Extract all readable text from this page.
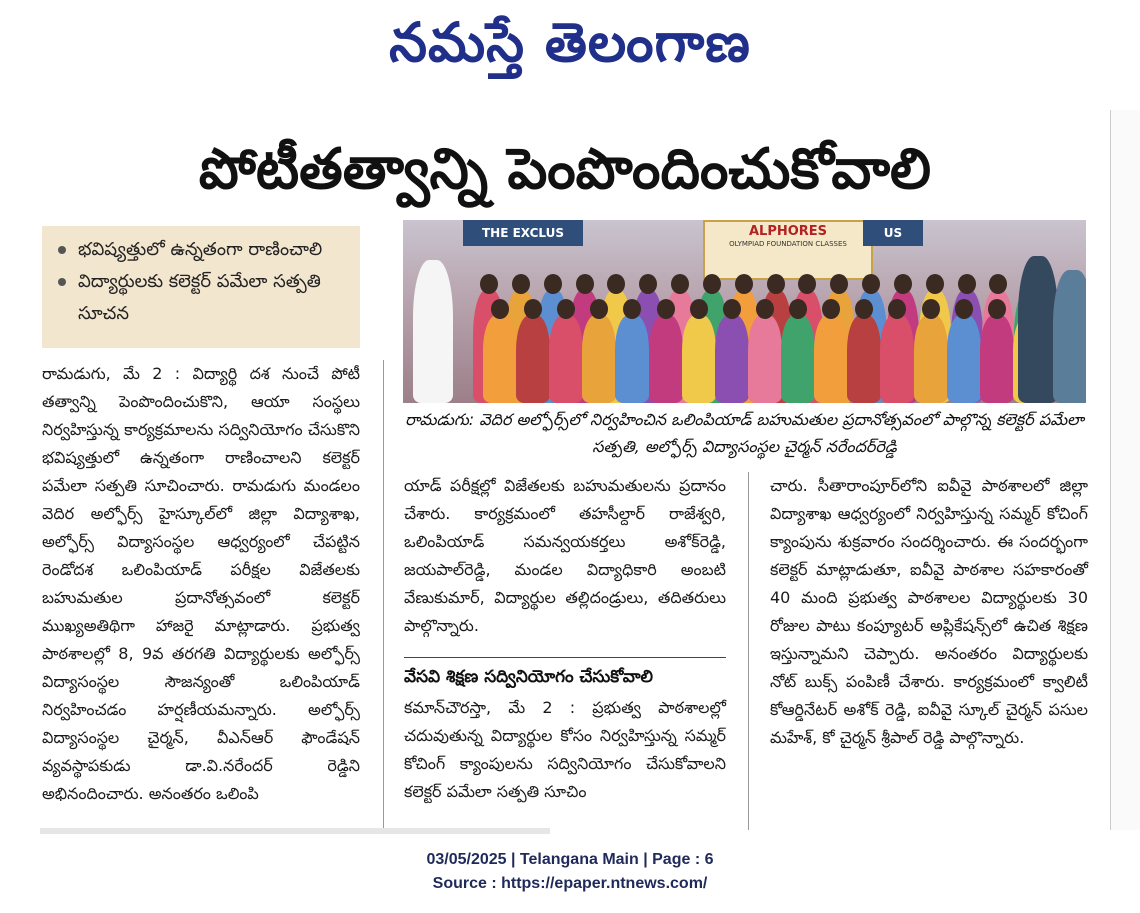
నమస్తే తెలంగాణ
పోటీతత్వాన్ని పెంపొందించుకోవాలి
భవిష్యత్తులో ఉన్నతంగా రాణించాలి
విద్యార్థులకు కలెక్టర్ పమేలా సత్పతి సూచన
THE EXCLUS	ALPHORES
OLYMPIAD FOUNDATION CLASSES
US
రామడుగు: వెదిర అల్ఫోర్స్‌లో నిర్వహించిన ఒలింపియాడ్ బహుమతుల ప్రదానోత్సవంలో పాల్గొన్న కలెక్టర్ పమేలా సత్పతి, అల్ఫోర్స్ విద్యాసంస్థల చైర్మన్ నరేందర్‌రెడ్డి

రామడుగు, మే 2 : విద్యార్థి దశ నుంచే పోటీ తత్వాన్ని పెంపొందించుకొని, ఆయా సంస్థలు నిర్వహిస్తున్న కార్యక్రమాలను సద్వినియోగం చేసుకొని భవిష్యత్తులో ఉన్నతంగా రాణించాలని కలెక్టర్ పమేలా సత్పతి సూచించారు. రామడుగు మండలం వెదిర అల్ఫోర్స్ హైస్కూల్‌లో జిల్లా విద్యాశాఖ, అల్ఫోర్స్ విద్యాసంస్థల ఆధ్వర్యంలో చేపట్టిన రెండోదశ ఒలింపియాడ్ పరీక్షల విజేతలకు బహుమతుల ప్రదానోత్సవంలో కలెక్టర్ ముఖ్యఅతిథిగా హాజరై మాట్లాడారు. ప్రభుత్వ పాఠశాలల్లో 8, 9వ తరగతి విద్యార్థులకు అల్ఫోర్స్ విద్యాసంస్థల సౌజన్యంతో ఒలింపియాడ్ నిర్వహించడం హర్షణీయమన్నారు. అల్ఫోర్స్ విద్యాసంస్థల చైర్మన్, వీఎన్ఆర్ ఫౌండేషన్ వ్యవస్థాపకుడు డా.వి.నరేందర్ రెడ్డిని అభినందించారు. అనంతరం ఒలింపి

యాడ్ పరీక్షల్లో విజేతలకు బహుమతులను ప్రదానం చేశారు. కార్యక్రమంలో తహసీల్దార్ రాజేశ్వరి, ఒలింపియాడ్ సమన్వయకర్తలు అశోక్‌రెడ్డి, జయపాల్‌రెడ్డి, మండల విద్యాధికారి అంబటి వేణుకుమార్, విద్యార్థుల తల్లిదండ్రులు, తదితరులు పాల్గొన్నారు.

వేసవి శిక్షణ సద్వినియోగం చేసుకోవాలి

కమాన్‌చౌరస్తా, మే 2 : ప్రభుత్వ పాఠశాలల్లో చదువుతున్న విద్యార్థుల కోసం నిర్వహిస్తున్న సమ్మర్ కోచింగ్ క్యాంపులను సద్వినియోగం చేసుకోవాలని కలెక్టర్ పమేలా సత్పతి సూచిం

చారు. సీతారాంపూర్‌లోని ఐవీవై పాఠశాలలో జిల్లా విద్యాశాఖ ఆధ్వర్యంలో నిర్వహిస్తున్న సమ్మర్ కోచింగ్ క్యాంపును శుక్రవారం సందర్శించారు. ఈ సందర్భంగా కలెక్టర్ మాట్లాడుతూ, ఐవీవై పాఠశాల సహకారంతో 40 మంది ప్రభుత్వ పాఠశాలల విద్యార్థులకు 30 రోజుల పాటు కంప్యూటర్ అప్లికేషన్స్‌లో ఉచిత శిక్షణ ఇస్తున్నామని చెప్పారు. అనంతరం విద్యార్థులకు నోట్ బుక్స్ పంపిణీ చేశారు. కార్యక్రమంలో క్వాలిటీ కోఆర్డినేటర్ అశోక్ రెడ్డి, ఐవీవై స్కూల్ చైర్మన్ పసుల మహేశ్, కో చైర్మన్ శ్రీపాల్ రెడ్డి పాల్గొన్నారు.

03/05/2025 | Telangana Main | Page : 6
Source : https://epaper.ntnews.com/
